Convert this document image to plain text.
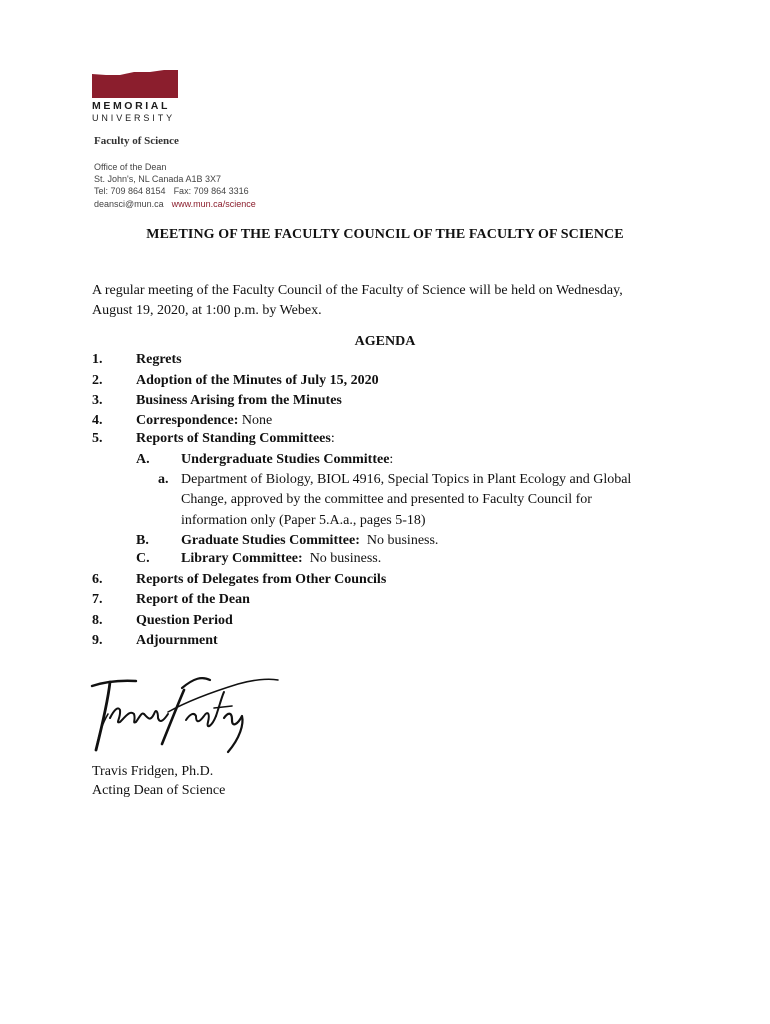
MEMORIAL
UNIVERSITY
Faculty of Science
Office of the Dean
St. John's, NL Canada A1B 3X7
Tel: 709 864 8154 Fax: 709 864 3316
deansci@mun.ca www.mun.ca/science
MEETING OF THE FACULTY COUNCIL OF THE FACULTY OF SCIENCE
A regular meeting of the Faculty Council of the Faculty of Science will be held on Wednesday,
August 19, 2020, at 1:00 p.m. by Webex.
AGENDA
1. Regrets
2. Adoption of the Minutes of July 15, 2020
3. Business Arising from the Minutes
4. Correspondence: None
5. Reports of Standing Committees:
A. Undergraduate Studies Committee:
a. Department of Biology, BIOL 4916, Special Topics in Plant Ecology and Global
Change, approved by the committee and presented to Faculty Council for
information only (Paper 5.A.a., pages 5-18)
B. Graduate Studies Committee:  No business.
C. Library Committee:  No business.
6. Reports of Delegates from Other Councils
7. Report of the Dean
8. Question Period
9. Adjournment
Travis Fridgen, Ph.D.
Acting Dean of Science
